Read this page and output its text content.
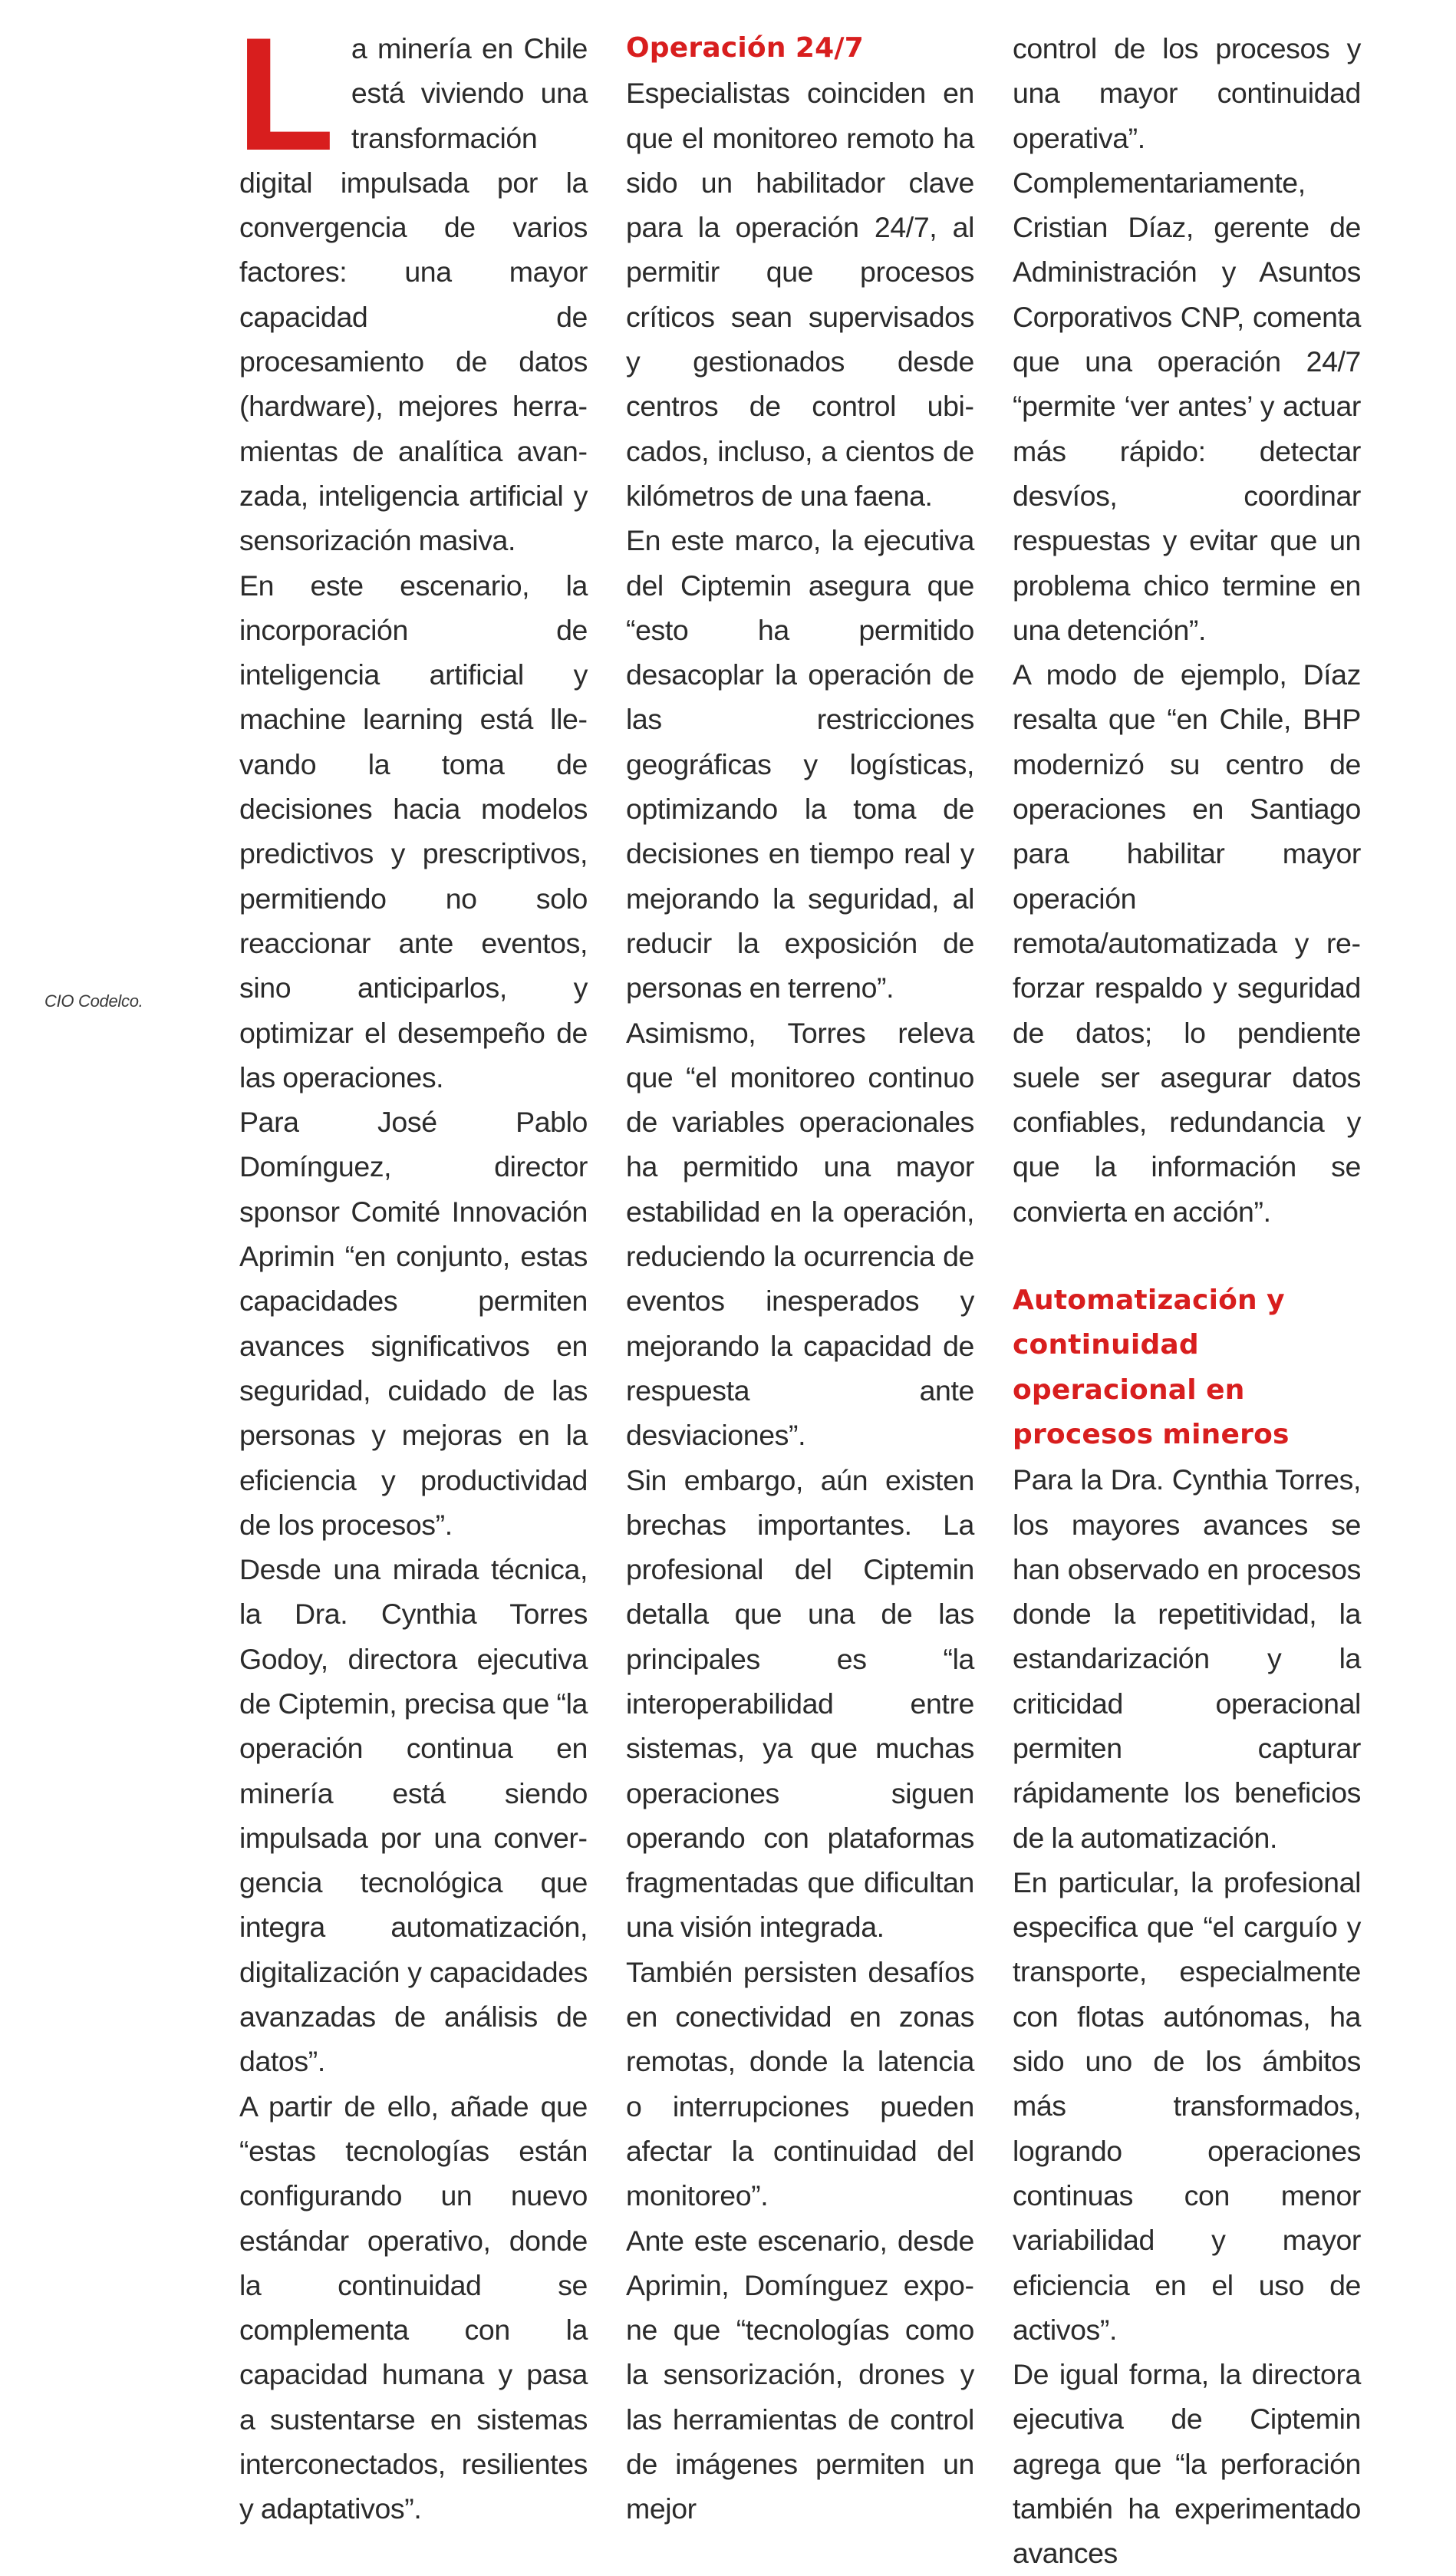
CIO Codelco.
L a minería en Chile está viviendo una transformación digital impulsada por la convergencia de varios factores: una mayor capacidad de procesamiento de datos (hardware), mejores herramientas de analítica avanzada, inteligencia artificial y sensorización masiva.

En este escenario, la incorporación de inteligencia artificial y machine learning está llevando la toma de decisiones hacia modelos predictivos y prescriptivos, permitiendo no solo reaccionar ante eventos, sino anticiparlos, y optimizar el desempeño de las operaciones.

Para José Pablo Domínguez, director sponsor Comité Innovación Aprimin “en conjunto, estas capacidades permiten avances significativos en seguridad, cuidado de las personas y mejoras en la eficiencia y productividad de los procesos”.

Desde una mirada técnica, la Dra. Cynthia Torres Godoy, directora ejecutiva de Ciptemin, precisa que “la operación continua en minería está siendo impulsada por una convergencia tecnológica que integra automatización, digitalización y capacidades avanzadas de análisis de datos”.

A partir de ello, añade que “estas tecnologías están configurando un nuevo estándar operativo, donde la continuidad se complementa con la capacidad humana y pasa a sustentarse en sistemas interconectados, resilientes y adaptativos”.

Operación 24/7

Especialistas coinciden en que el monitoreo remoto ha sido un habilitador clave para la operación 24/7, al permitir que procesos críticos sean supervisados y gestionados desde centros de control ubicados, incluso, a cientos de kilómetros de una faena.

En este marco, la ejecutiva del Ciptemin asegura que “esto ha permitido desacoplar la operación de las restricciones geográficas y logísticas, optimizando la toma de decisiones en tiempo real y mejorando la seguridad, al reducir la exposición de personas en terreno”.

Asimismo, Torres releva que “el monitoreo continuo de variables operacionales ha permitido una mayor estabilidad en la operación, reduciendo la ocurrencia de eventos inesperados y mejorando la capacidad de respuesta ante desviaciones”.

Sin embargo, aún existen brechas importantes. La profesional del Ciptemin detalla que una de las principales es “la interoperabilidad entre sistemas, ya que muchas operaciones siguen operando con plataformas fragmentadas que dificultan una visión integrada.

También persisten desafíos en conectividad en zonas remotas, donde la latencia o interrupciones pueden afectar la continuidad del monitoreo”.

Ante este escenario, desde Aprimin, Domínguez expone que “tecnologías como la sensorización, drones y las herramientas de control de imágenes permiten un mejor

control de los procesos y una mayor continuidad operativa”.

Complementariamente, Cristian Díaz, gerente de Administración y Asuntos Corporativos CNP, comenta que una operación 24/7 “permite ‘ver antes’ y actuar más rápido: detectar desvíos, coordinar respuestas y evitar que un problema chico termine en una detención”.

A modo de ejemplo, Díaz resalta que “en Chile, BHP modernizó su centro de operaciones en Santiago para habilitar mayor operación remota/automatizada y reforzar respaldo y seguridad de datos; lo pendiente suele ser asegurar datos confiables, redundancia y que la información se convierta en acción”.

Automatización y continuidad operacional en procesos mineros

Para la Dra. Cynthia Torres, los mayores avances se han observado en procesos donde la repetitividad, la estandarización y la criticidad operacional permiten capturar rápidamente los beneficios de la automatización.

En particular, la profesional especifica que “el carguío y transporte, especialmente con flotas autónomas, ha sido uno de los ámbitos más transformados, logrando operaciones continuas con menor variabilidad y mayor eficiencia en el uso de activos”.

De igual forma, la directora ejecutiva de Ciptemin agrega que “la perforación también ha experimentado avances
